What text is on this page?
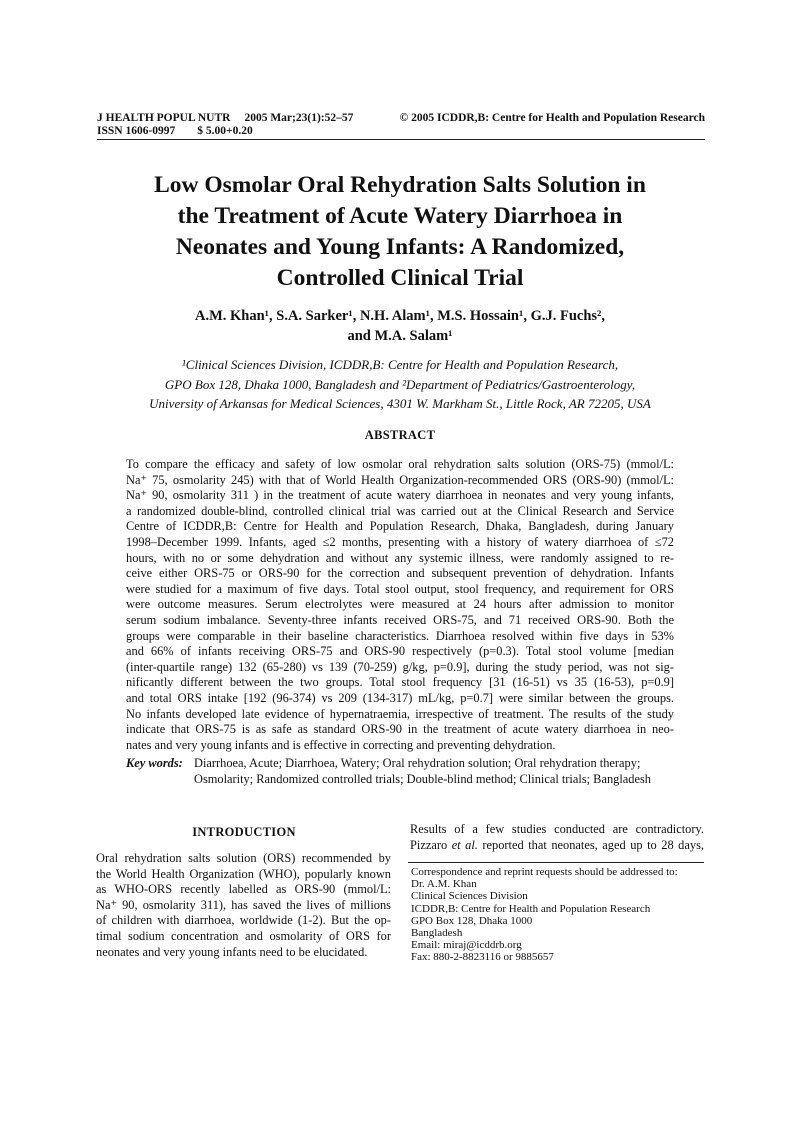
J HEALTH POPUL NUTR 2005 Mar;23(1):52–57	© 2005 ICDDR,B: Centre for Health and Population Research
ISSN 1606-0997 $ 5.00+0.20
Low Osmolar Oral Rehydration Salts Solution in
the Treatment of Acute Watery Diarrhoea in
Neonates and Young Infants: A Randomized,
Controlled Clinical Trial
A.M. Khan¹, S.A. Sarker¹, N.H. Alam¹, M.S. Hossain¹, G.J. Fuchs²,
and M.A. Salam¹
¹Clinical Sciences Division, ICDDR,B: Centre for Health and Population Research,
GPO Box 128, Dhaka 1000, Bangladesh and ²Department of Pediatrics/Gastroenterology,
University of Arkansas for Medical Sciences, 4301 W. Markham St., Little Rock, AR 72205, USA
ABSTRACT
To compare the efficacy and safety of low osmolar oral rehydration salts solution (ORS-75) (mmol/L:
Na⁺ 75, osmolarity 245) with that of World Health Organization-recommended ORS (ORS-90) (mmol/L:
Na⁺ 90, osmolarity 311 ) in the treatment of acute watery diarrhoea in neonates and very young infants,
a randomized double-blind, controlled clinical trial was carried out at the Clinical Research and Service
Centre of ICDDR,B: Centre for Health and Population Research, Dhaka, Bangladesh, during January
1998–December 1999. Infants, aged ≤2 months, presenting with a history of watery diarrhoea of ≤72
hours, with no or some dehydration and without any systemic illness, were randomly assigned to re-
ceive either ORS-75 or ORS-90 for the correction and subsequent prevention of dehydration. Infants
were studied for a maximum of five days. Total stool output, stool frequency, and requirement for ORS
were outcome measures. Serum electrolytes were measured at 24 hours after admission to monitor
serum sodium imbalance. Seventy-three infants received ORS-75, and 71 received ORS-90. Both the
groups were comparable in their baseline characteristics. Diarrhoea resolved within five days in 53%
and 66% of infants receiving ORS-75 and ORS-90 respectively (p=0.3). Total stool volume [median
(inter-quartile range) 132 (65-280) vs 139 (70-259) g/kg, p=0.9], during the study period, was not sig-
nificantly different between the two groups. Total stool frequency [31 (16-51) vs 35 (16-53), p=0.9]
and total ORS intake [192 (96-374) vs 209 (134-317) mL/kg, p=0.7] were similar between the groups.
No infants developed late evidence of hypernatraemia, irrespective of treatment. The results of the study
indicate that ORS-75 is as safe as standard ORS-90 in the treatment of acute watery diarrhoea in neo-
nates and very young infants and is effective in correcting and preventing dehydration.
Key words: Diarrhoea, Acute; Diarrhoea, Watery; Oral rehydration solution; Oral rehydration therapy;
Osmolarity; Randomized controlled trials; Double-blind method; Clinical trials; Bangladesh
INTRODUCTION
Oral rehydration salts solution (ORS) recommended by
the World Health Organization (WHO), popularly known
as WHO-ORS recently labelled as ORS-90 (mmol/L:
Na⁺ 90, osmolarity 311), has saved the lives of millions
of children with diarrhoea, worldwide (1-2). But the op-
timal sodium concentration and osmolarity of ORS for
neonates and very young infants need to be elucidated.
Results of a few studies conducted are contradictory.
Pizzaro et al. reported that neonates, aged up to 28 days,
Correspondence and reprint requests should be addressed to:
Dr. A.M. Khan
Clinical Sciences Division
ICDDR,B: Centre for Health and Population Research
GPO Box 128, Dhaka 1000
Bangladesh
Email: miraj@icddrb.org
Fax: 880-2-8823116 or 9885657
